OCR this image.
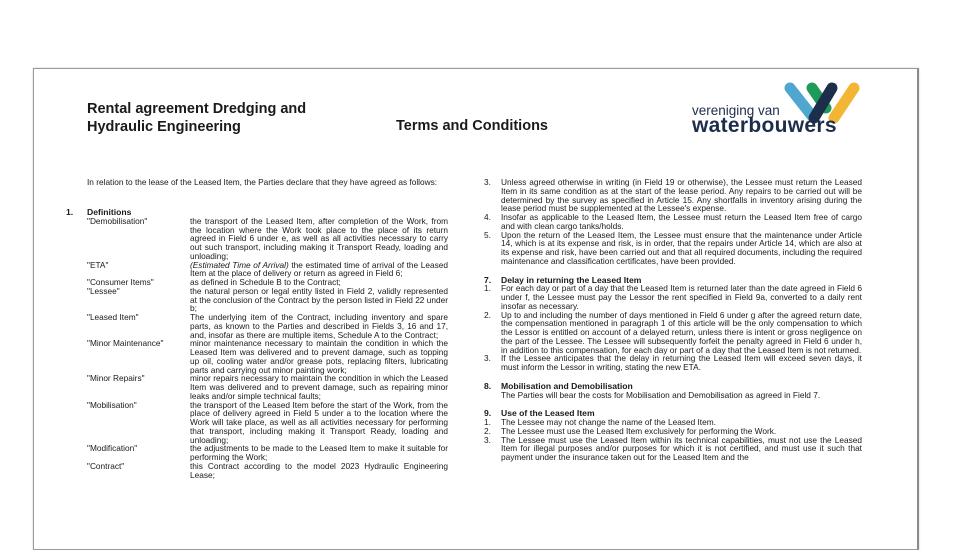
Rental agreement Dredging and
Hydraulic Engineering	Terms and Conditions
vereniging van
waterbouwers
In relation to the lease of the Leased Item, the Parties declare that they have agreed as follows:
1. Definitions
"Demobilisation"	the transport of the Leased Item, after completion of the Work, from the location where the Work took place to the place of its return agreed in Field 6 under e, as well as all activities necessary to carry out such transport, including making it Transport Ready, loading and unloading;
"ETA"	(Estimated Time of Arrival) the estimated time of arrival of the Leased Item at the place of delivery or return as agreed in Field 6;
"Consumer Items"	as defined in Schedule B to the Contract;
"Lessee"	the natural person or legal entity listed in Field 2, validly represented at the conclusion of the Contract by the person listed in Field 22 under b;
"Leased Item"	The underlying item of the Contract, including inventory and spare parts, as known to the Parties and described in Fields 3, 16 and 17, and, insofar as there are multiple items, Schedule A to the Contract;
"Minor Maintenance"	minor maintenance necessary to maintain the condition in which the Leased Item was delivered and to prevent damage, such as topping up oil, cooling water and/or grease pots, replacing filters, lubricating parts and carrying out minor painting work;
"Minor Repairs"	minor repairs necessary to maintain the condition in which the Leased Item was delivered and to prevent damage, such as repairing minor leaks and/or simple technical faults;
"Mobilisation"	the transport of the Leased Item before the start of the Work, from the place of delivery agreed in Field 5 under a to the location where the Work will take place, as well as all activities necessary for performing that transport, including making it Transport Ready, loading and unloading;
"Modification"	the adjustments to be made to the Leased Item to make it suitable for performing the Work;
"Contract"	this Contract according to the model 2023 Hydraulic Engineering Lease;
3. Unless agreed otherwise in writing (in Field 19 or otherwise), the Lessee must return the Leased Item in its same condition as at the start of the lease period. Any repairs to be carried out will be determined by the survey as specified in Article 15. Any shortfalls in inventory arising during the lease period must be supplemented at the Lessee's expense.
4. Insofar as applicable to the Leased Item, the Lessee must return the Leased Item free of cargo and with clean cargo tanks/holds.
5. Upon the return of the Leased Item, the Lessee must ensure that the maintenance under Article 14, which is at its expense and risk, is in order, that the repairs under Article 14, which are also at its expense and risk, have been carried out and that all required documents, including the required maintenance and classification certificates, have been provided.
7. Delay in returning the Leased Item
1. For each day or part of a day that the Leased Item is returned later than the date agreed in Field 6 under f, the Lessee must pay the Lessor the rent specified in Field 9a, converted to a daily rent insofar as necessary.
2. Up to and including the number of days mentioned in Field 6 under g after the agreed return date, the compensation mentioned in paragraph 1 of this article will be the only compensation to which the Lessor is entitled on account of a delayed return, unless there is intent or gross negligence on the part of the Lessee. The Lessee will subsequently forfeit the penalty agreed in Field 6 under h, in addition to this compensation, for each day or part of a day that the Leased Item is not returned.
3. If the Lessee anticipates that the delay in returning the Leased Item will exceed seven days, it must inform the Lessor in writing, stating the new ETA.
8. Mobilisation and Demobilisation
The Parties will bear the costs for Mobilisation and Demobilisation as agreed in Field 7.
9. Use of the Leased Item
1. The Lessee may not change the name of the Leased Item.
2. The Lessee must use the Leased Item exclusively for performing the Work.
3. The Lessee must use the Leased Item within its technical capabilities, must not use the Leased Item for illegal purposes and/or purposes for which it is not certified, and must use it such that payment under the insurance taken out for the Leased Item and the
